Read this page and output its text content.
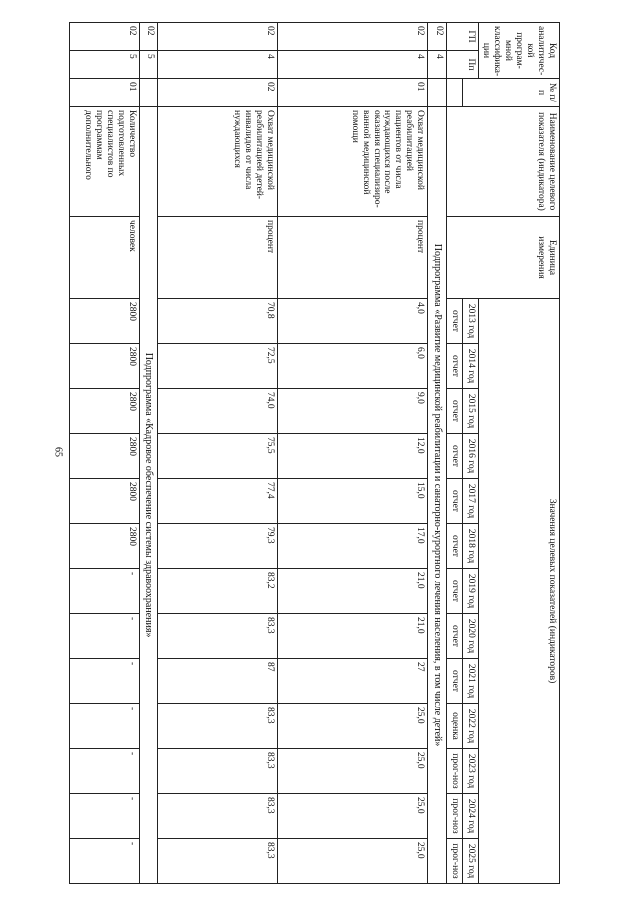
65
Код аналитичес-кой програм-мной классифика-ции		№ п/п	Наименование целевого показателя (индикатора)	Единица измерения	Значения целевых показателей (индикаторов)												
ГП	Пп				2013 год	2014 год	2015 год	2016 год	2017 год	2018 год	2019 год	2020 год	2021 год	2022 год	2023 год	2024 год	2025 год
					отчет	отчет	отчет	отчет	отчет	отчет	отчет	отчет	отчет	оценка	прог-ноз	прог-ноз	прог-ноз
02	4		Подпрограмма «Развитие медицинской реабилитации и санаторно-курортного лечения населения, в том числе детей»														
02	4	01	Охват медицинской реабилитацией пациентов от числа нуждающихся после оказания специализиро-ванной медицинской помощи	процент	4,0	6,0	9,0	12,0	15,0	17,0	21,0	21,0	27	25,0	25,0	25,0	25,0
02	4	02	Охват медицинской реабилитацией детей-инвалидов от числа нуждающихся	процент	70,8	72,5	74,0	75,5	77,4	79,3	83,2	83,3	87	83,3	83,3	83,3	83,3
02	5		Подпрограмма «Кадровое обеспечение системы здравоохранения»														
02	5	01	Количество подготовленных специалистов по программам дополнительного	человек	2800	2800	2800	2800	2800	2800	-	-	-	-	-	-	-
